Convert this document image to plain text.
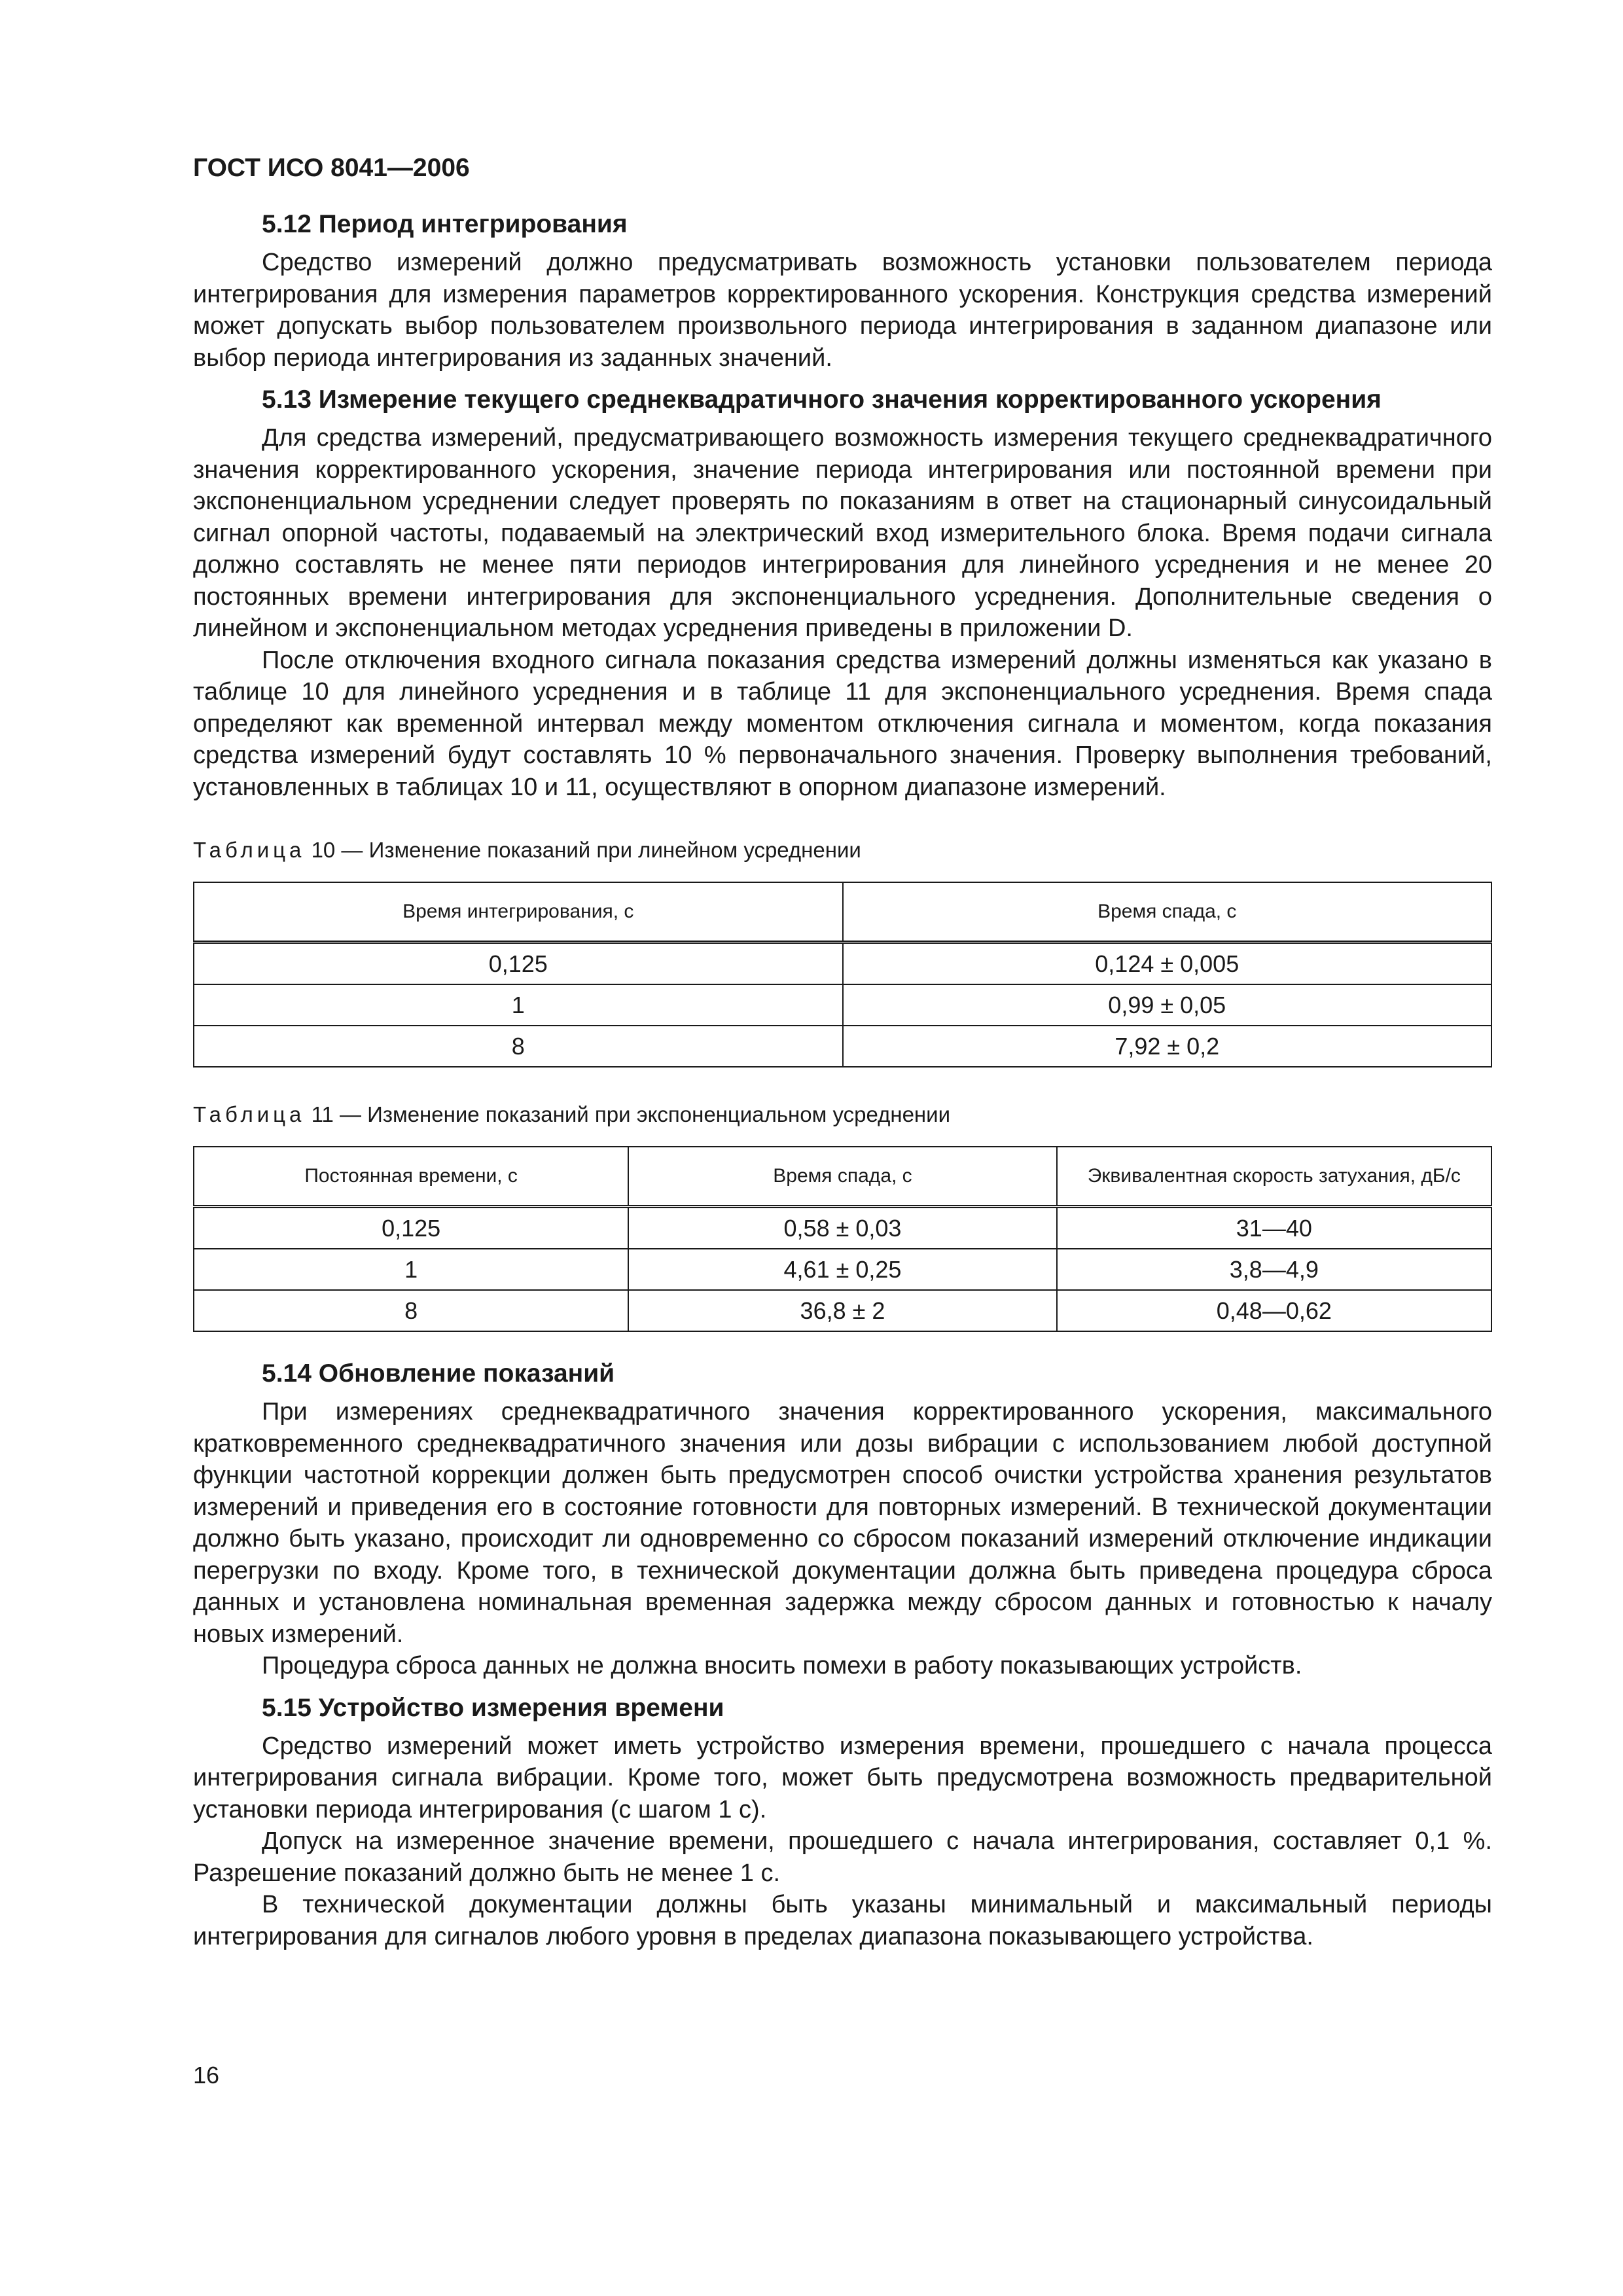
ГОСТ ИСО 8041—2006
5.12 Период интегрирования

Средство измерений должно предусматривать возможность установки пользователем периода интегрирования для измерения параметров корректированного ускорения. Конструкция средства измерений может допускать выбор пользователем произвольного периода интегрирования в заданном диапазоне или выбор периода интегрирования из заданных значений.

5.13 Измерение текущего среднеквадратичного значения корректированного ускорения

Для средства измерений, предусматривающего возможность измерения текущего среднеквадратичного значения корректированного ускорения, значение периода интегрирования или постоянной времени при экспоненциальном усреднении следует проверять по показаниям в ответ на стационарный синусоидальный сигнал опорной частоты, подаваемый на электрический вход измерительного блока. Время подачи сигнала должно составлять не менее пяти периодов интегрирования для линейного усреднения и не менее 20 постоянных времени интегрирования для экспоненциального усреднения. Дополнительные сведения о линейном и экспоненциальном методах усреднения приведены в приложении D.

После отключения входного сигнала показания средства измерений должны изменяться как указано в таблице 10 для линейного усреднения и в таблице 11 для экспоненциального усреднения. Время спада определяют как временной интервал между моментом отключения сигнала и моментом, когда показания средства измерений будут составлять 10 % первоначального значения. Проверку выполнения требований, установленных в таблицах 10 и 11, осуществляют в опорном диапазоне измерений.

Таблица 10 — Изменение показаний при линейном усреднении
Время интегрирования, с	Время спада, с
0,125	0,124 ± 0,005
1	0,99 ± 0,05
8	7,92 ± 0,2
Таблица 11 — Изменение показаний при экспоненциальном усреднении
Постоянная времени, с	Время спада, с	Эквивалентная скорость затухания, дБ/с
0,125	0,58 ± 0,03	31—40
1	4,61 ± 0,25	3,8—4,9
8	36,8 ± 2	0,48—0,62
5.14 Обновление показаний

При измерениях среднеквадратичного значения корректированного ускорения, максимального кратковременного среднеквадратичного значения или дозы вибрации с использованием любой доступной функции частотной коррекции должен быть предусмотрен способ очистки устройства хранения результатов измерений и приведения его в состояние готовности для повторных измерений. В технической документации должно быть указано, происходит ли одновременно со сбросом показаний измерений отключение индикации перегрузки по входу. Кроме того, в технической документации должна быть приведена процедура сброса данных и установлена номинальная временная задержка между сбросом данных и готовностью к началу новых измерений.

Процедура сброса данных не должна вносить помехи в работу показывающих устройств.

5.15 Устройство измерения времени

Средство измерений может иметь устройство измерения времени, прошедшего с начала процесса интегрирования сигнала вибрации. Кроме того, может быть предусмотрена возможность предварительной установки периода интегрирования (с шагом 1 с).

Допуск на измеренное значение времени, прошедшего с начала интегрирования, составляет 0,1 %. Разрешение показаний должно быть не менее 1 с.

В технической документации должны быть указаны минимальный и максимальный периоды интегрирования для сигналов любого уровня в пределах диапазона показывающего устройства.

16
